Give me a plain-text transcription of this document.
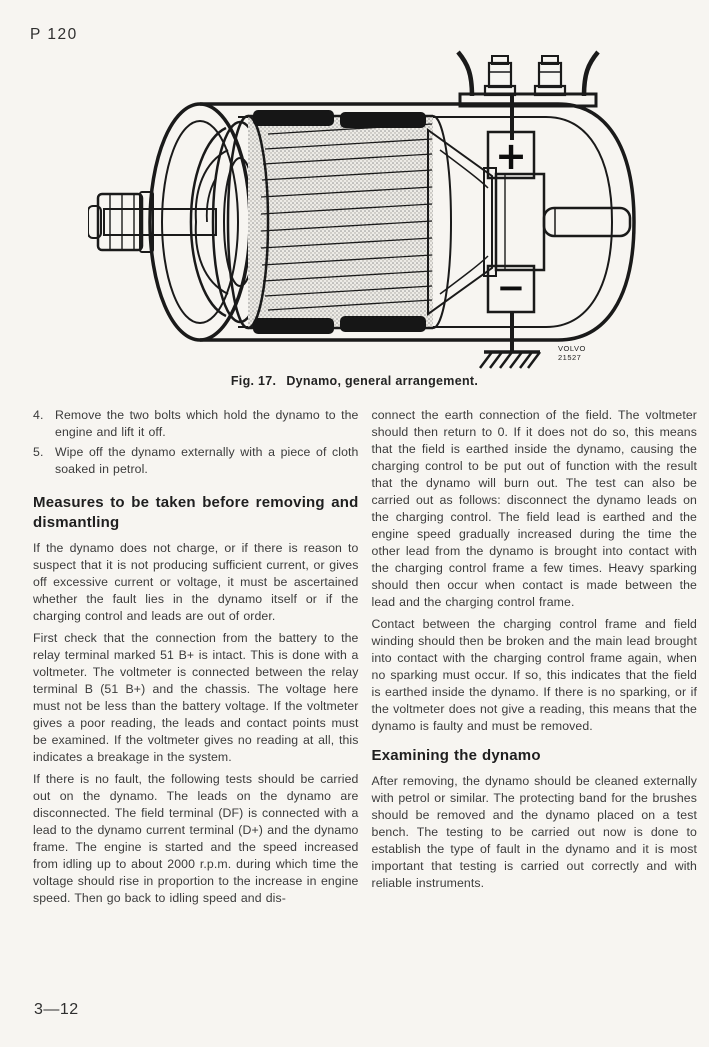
P 120
+
−
VOLVO
21527
Fig. 17. Dynamo, general arrangement.
4. Remove the two bolts which hold the dynamo to the engine and lift it off.
5. Wipe off the dynamo externally with a piece of cloth soaked in petrol.
Measures to be taken before removing and dismantling

If the dynamo does not charge, or if there is reason to suspect that it is not producing sufficient current, or gives off excessive current or voltage, it must be ascertained whether the fault lies in the dynamo itself or if the charging control and leads are out of order.

First check that the connection from the battery to the relay terminal marked 51 B+ is intact. This is done with a voltmeter. The voltmeter is connected between the relay terminal B (51 B+) and the chassis. The voltage here must not be less than the battery voltage. If the voltmeter gives a poor reading, the leads and contact points must be examined. If the voltmeter gives no reading at all, this indicates a breakage in the system.

If there is no fault, the following tests should be carried out on the dynamo. The leads on the dynamo are disconnected. The field terminal (DF) is connected with a lead to the dynamo current terminal (D+) and the dynamo frame. The engine is started and the speed increased from idling up to about 2000 r.p.m. during which time the voltage should rise in proportion to the increase in engine speed. Then go back to idling speed and dis-

connect the earth connection of the field. The voltmeter should then return to 0. If it does not do so, this means that the field is earthed inside the dynamo, causing the charging control to be put out of function with the result that the dynamo will burn out. The test can also be carried out as follows: disconnect the dynamo leads on the charging control. The field lead is earthed and the engine speed gradually increased during the time the other lead from the dynamo is brought into contact with the charging control frame a few times. Heavy sparking should then occur when contact is made between the lead and the charging control frame.

Contact between the charging control frame and field winding should then be broken and the main lead brought into contact with the charging control frame again, when no sparking must occur. If so, this indicates that the field is earthed inside the dynamo. If there is no sparking, or if the voltmeter does not give a reading, this means that the dynamo is faulty and must be removed.

Examining the dynamo

After removing, the dynamo should be cleaned externally with petrol or similar. The protecting band for the brushes should be removed and the dynamo placed on a test bench. The testing to be carried out now is done to establish the type of fault in the dynamo and it is most important that testing is carried out correctly and with reliable instruments.

3—12
